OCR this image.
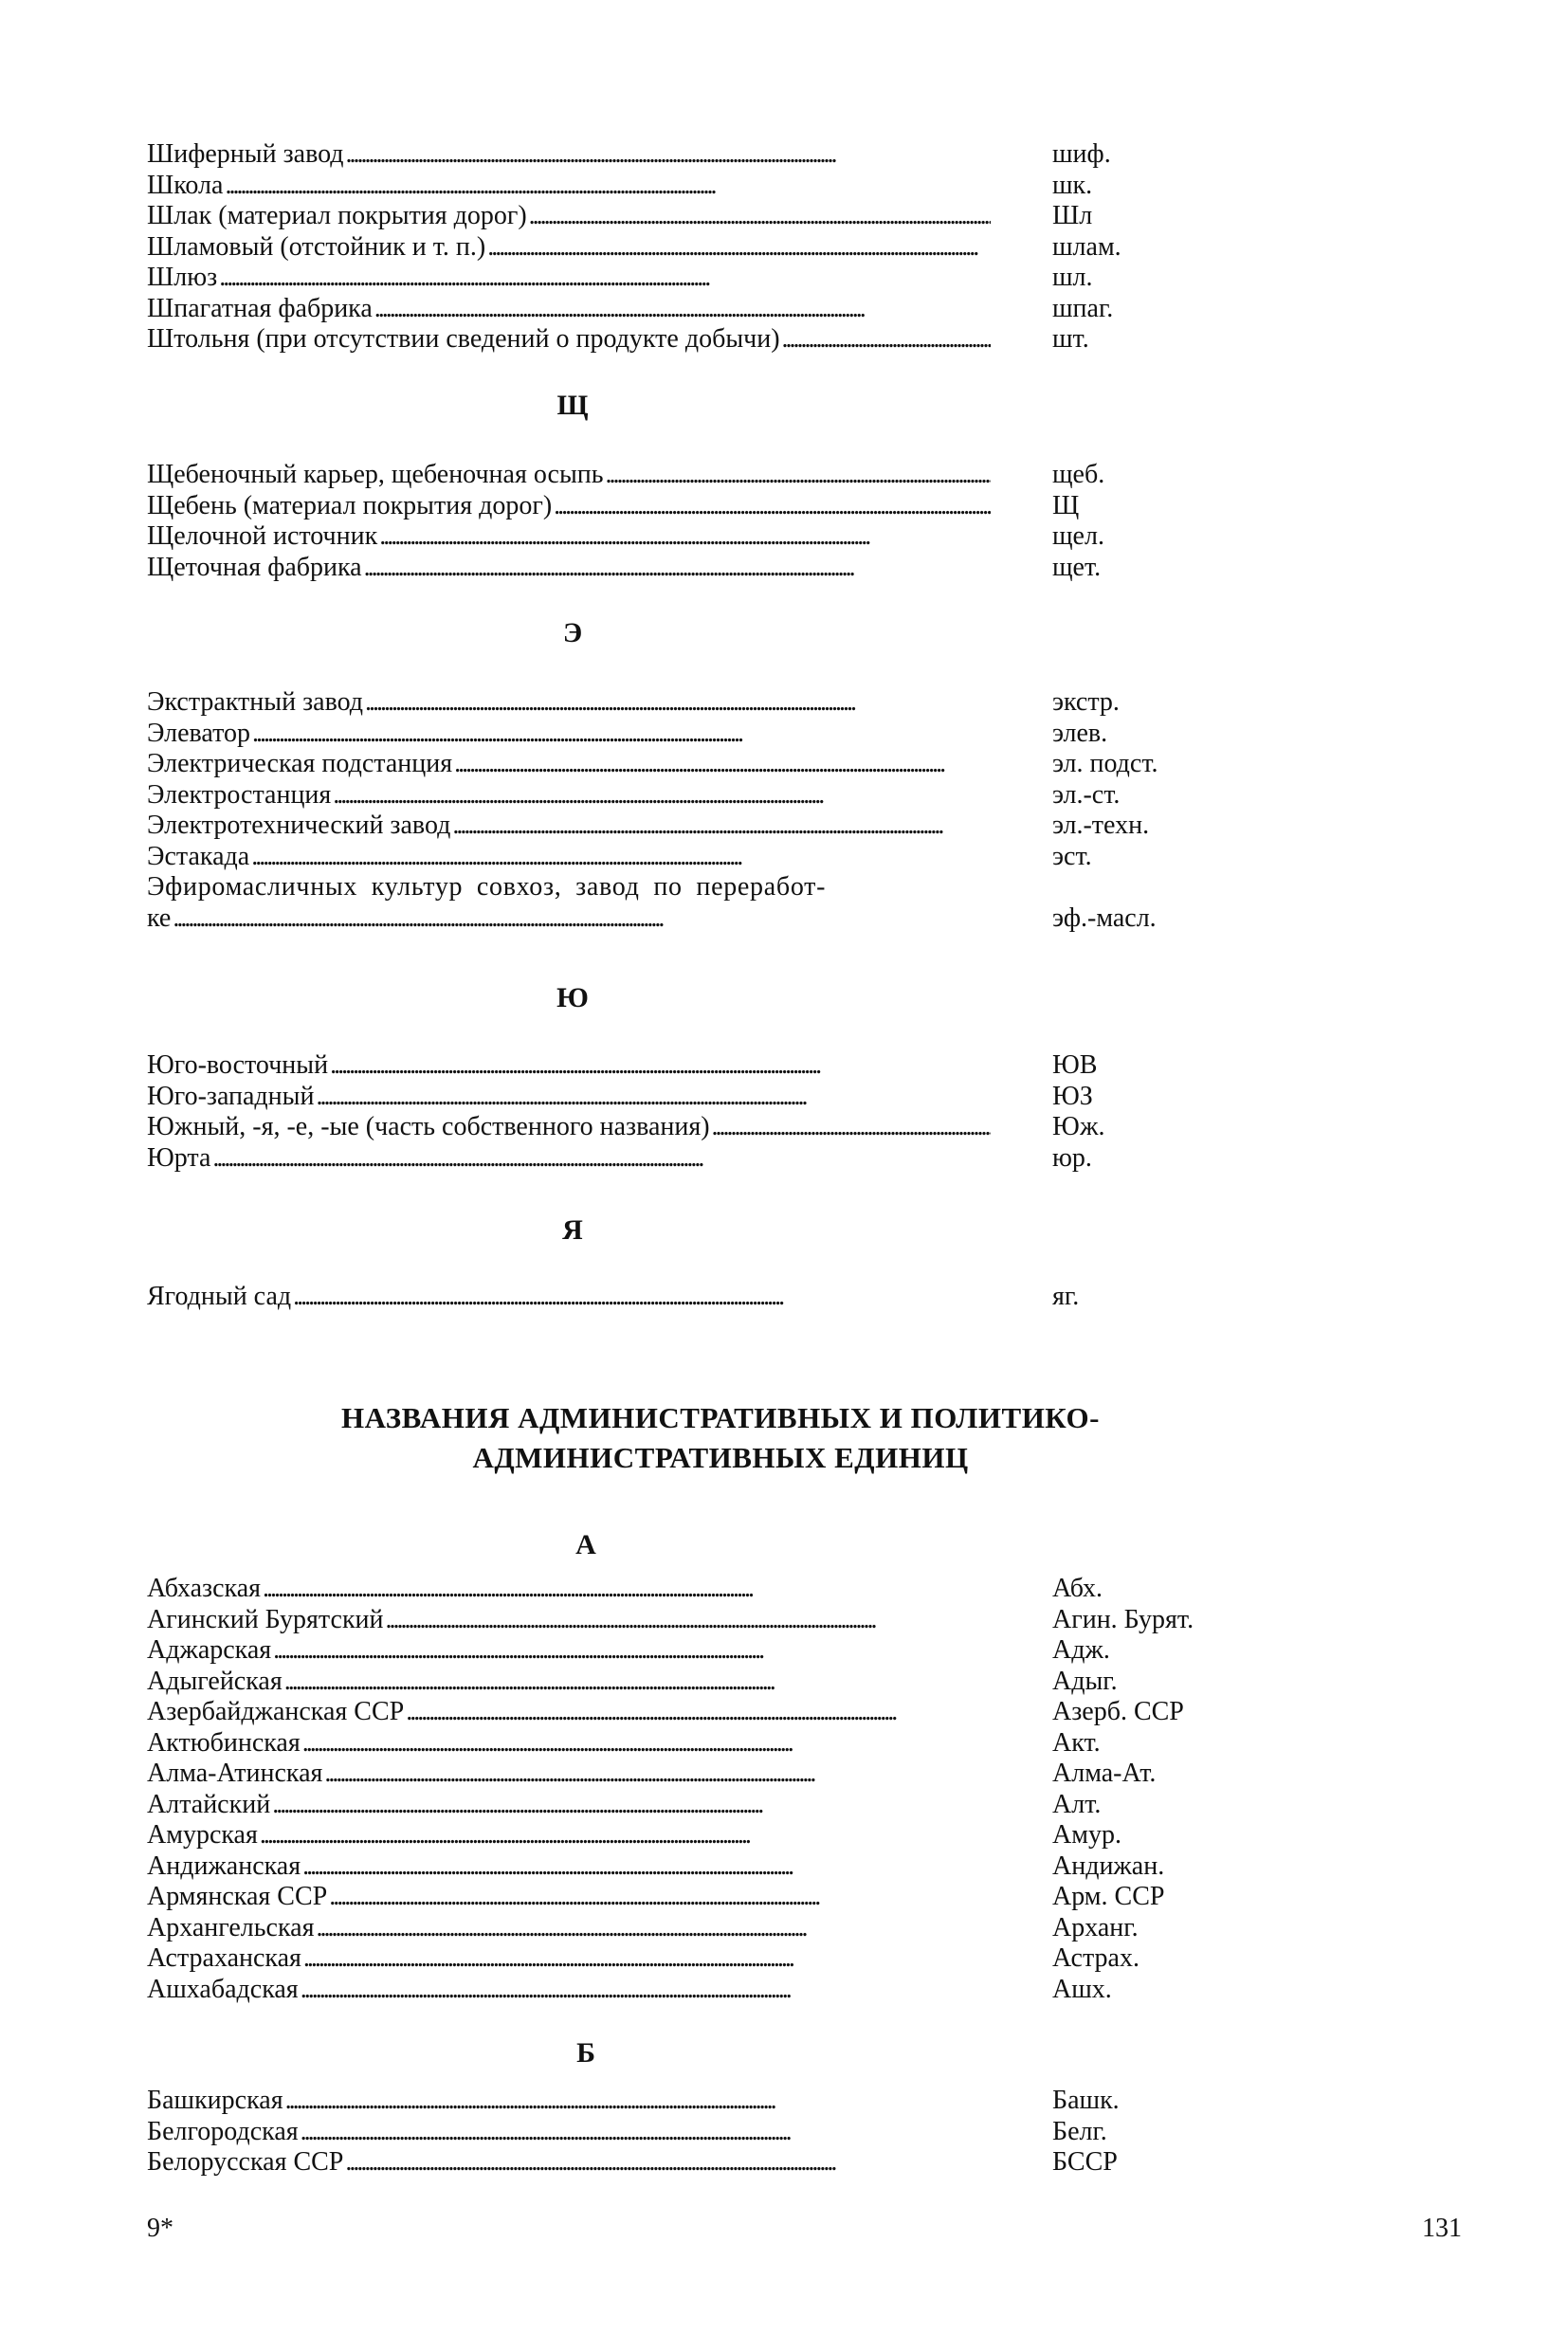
Шиферный завод . . .	шиф.
Школа . . .	шк.
Шлак (материал покрытия дорог) . . .	Шл
Шламовый (отстойник и т. п.) . . .	шлам.
Шлюз . . .	шл.
Шпагатная фабрика . . .	шпаг.
Штольня (при отсутствии сведений о продукте добычи) . . .	шт.
Щ
Щебеночный карьер, щебеночная осыпь . . .	щеб.
Щебень (материал покрытия дорог) . . .	Щ
Щелочной источник . . .	щел.
Щеточная фабрика . . .	щет.
Э
Экстрактный завод . . .	экстр.
Элеватор . . .	элев.
Электрическая подстанция . . .	эл. подст.
Электростанция . . .	эл.-ст.
Электротехнический завод . . .	эл.-техн.
Эстакада . . .	эст.
Эфиромасличных культур совхоз, завод по переработ-
ке . . .	эф.-масл.
Ю
Юго-восточный . . .	ЮВ
Юго-западный . . .	ЮЗ
Южный, -я, -е, -ые (часть собственного названия) . . .	Юж.
Юрта . . .	юр.
Я
Ягодный сад . . .	яг.
НАЗВАНИЯ АДМИНИСТРАТИВНЫХ И ПОЛИТИКО-
АДМИНИСТРАТИВНЫХ ЕДИНИЦ
А
Абхазская . . .	Абх.
Агинский Бурятский . . .	Агин. Бурят.
Аджарская . . .	Адж.
Адыгейская . . .	Адыг.
Азербайджанская ССР . . .	Азерб. ССР
Актюбинская . . .	Акт.
Алма-Атинская . . .	Алма-Ат.
Алтайский . . .	Алт.
Амурская . . .	Амур.
Андижанская . . .	Андижан.
Армянская ССР . . .	Арм. ССР
Архангельская . . .	Арханг.
Астраханская . . .	Астрах.
Ашхабадская . . .	Ашх.
Б
Башкирская . . .	Башк.
Белгородская . . .	Белг.
Белорусская ССР . . .	БССР
9*	131
